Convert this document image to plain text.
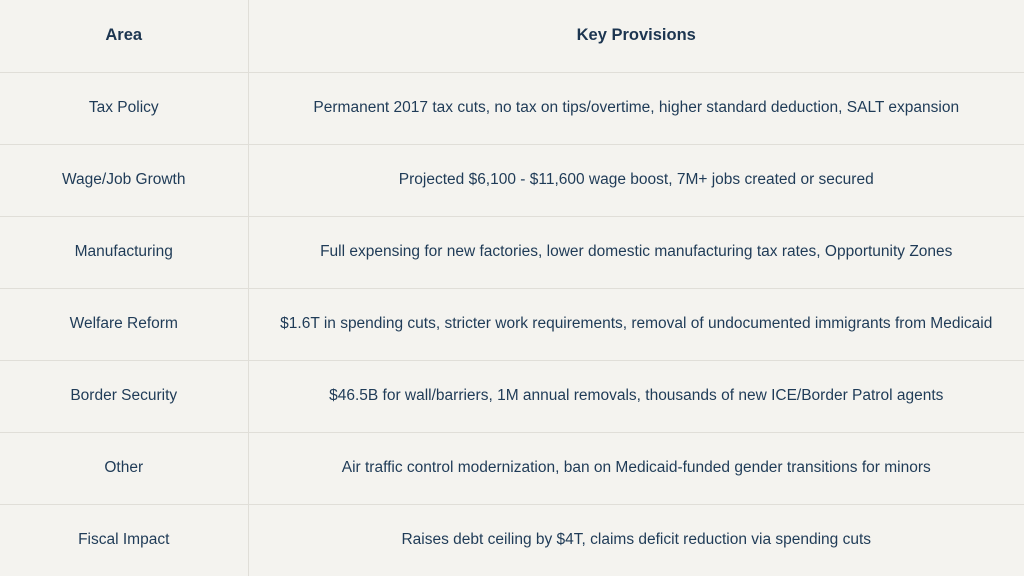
Area	Key Provisions
Tax Policy	Permanent 2017 tax cuts, no tax on tips/overtime, higher standard deduction, SALT expansion
Wage/Job Growth	Projected $6,100 - $11,600 wage boost, 7M+ jobs created or secured
Manufacturing	Full expensing for new factories, lower domestic manufacturing tax rates, Opportunity Zones
Welfare Reform	$1.6T in spending cuts, stricter work requirements, removal of undocumented immigrants from Medicaid
Border Security	$46.5B for wall/barriers, 1M annual removals, thousands of new ICE/Border Patrol agents
Other	Air traffic control modernization, ban on Medicaid-funded gender transitions for minors
Fiscal Impact	Raises debt ceiling by $4T, claims deficit reduction via spending cuts
